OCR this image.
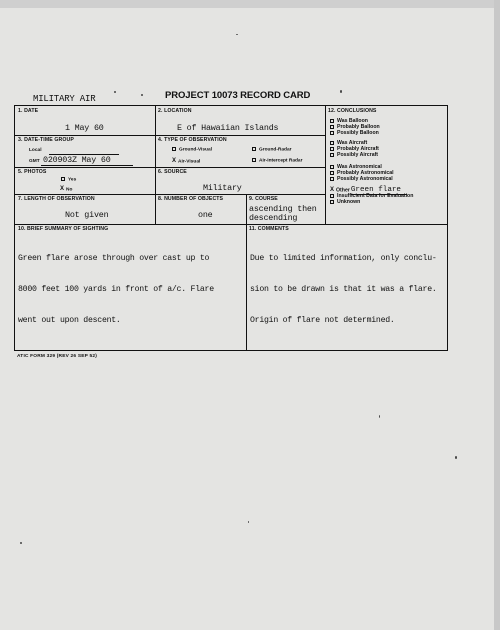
MILITARY AIR	PROJECT 10073 RECORD CARD
1. DATE
1 May 60
2. LOCATION
E of Hawaiian Islands
3. DATE-TIME GROUP
Local
GMT 020903Z May 60
4. TYPE OF OBSERVATION
Ground-Visual	Ground-Radar
X Air-Visual	Air-Intercept Radar
5. PHOTOS
Yes
X No
6. SOURCE
Military
7. LENGTH OF OBSERVATION
Not given
8. NUMBER OF OBJECTS
one
9. COURSE
ascending then
descending
12. CONCLUSIONS
Was Balloon
Probably Balloon
Possibly Balloon
Was Aircraft
Probably Aircraft
Possibly Aircraft
Was Astronomical
Probably Astronomical
Possibly Astronomical
X OtherGreen flare
Insufficient Data for Evaluation
Unknown
10. BRIEF SUMMARY OF SIGHTING

Green flare arose through over cast up to

8000 feet 100 yards in front of a/c. Flare

went out upon descent.

11. COMMENTS

Due to limited information, only conclu-

sion to be drawn is that it was a flare.

Origin of flare not determined.

ATIC FORM 329 (REV 26 SEP 52)
